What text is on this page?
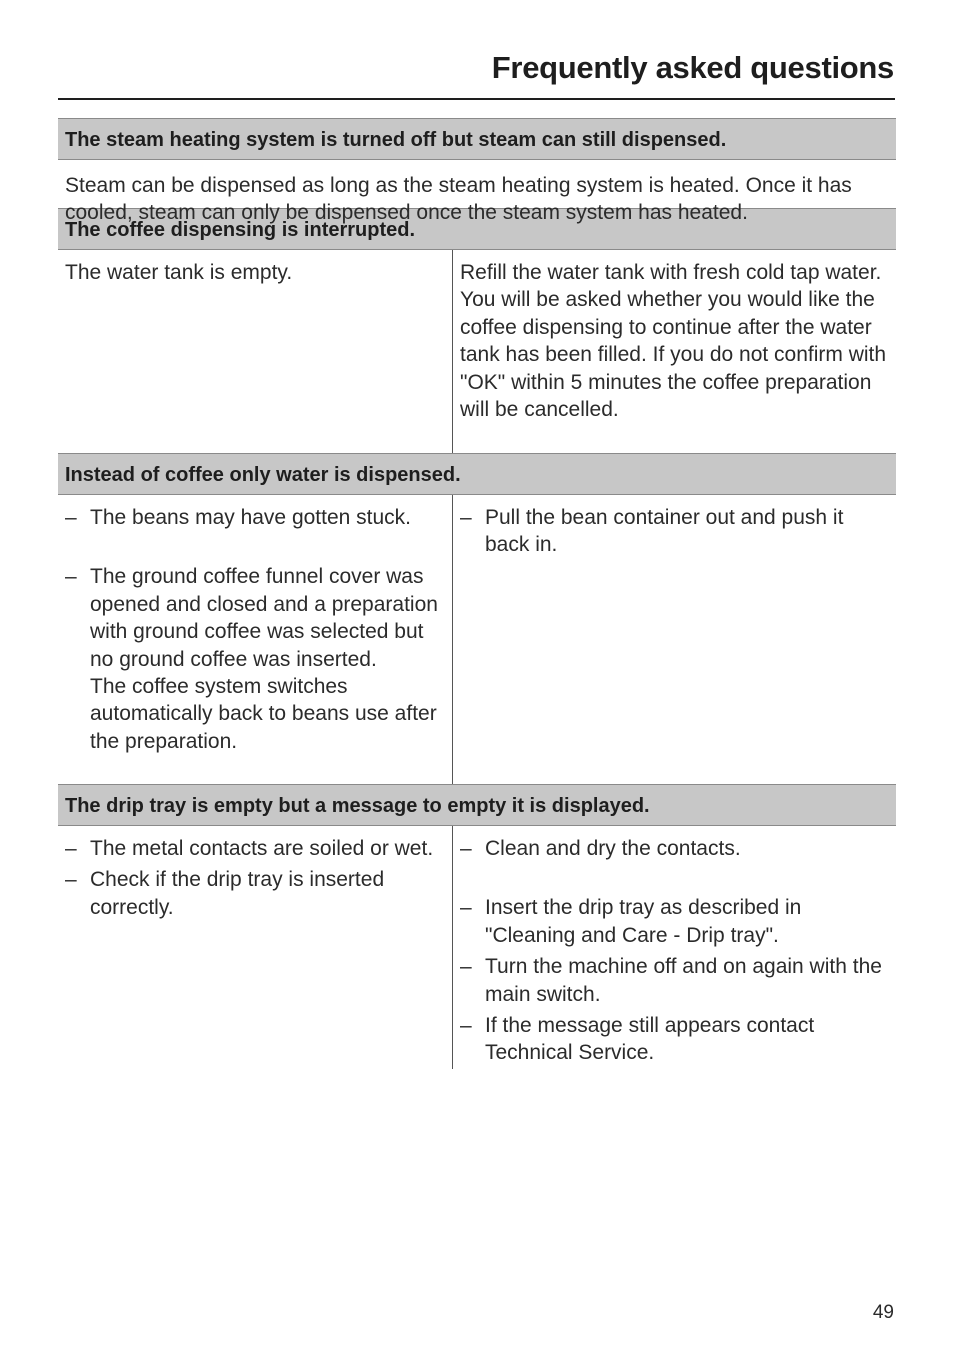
Frequently asked questions
The steam heating system is turned off but steam can still dispensed.
Steam can be dispensed as long as the steam heating system is heated. Once it has cooled, steam can only be dispensed once the steam system has heated.
The coffee dispensing is interrupted.
The water tank is empty.	Refill the water tank with fresh cold tap water.
You will be asked whether you would like the coffee dispensing to continue after the water tank has been filled. If you do not confirm with "OK" within 5 minutes the coffee preparation will be cancelled.
Instead of coffee only water is dispensed.
– The beans may have gotten stuck.
– The ground coffee funnel cover was opened and closed and a preparation with ground coffee was selected but no ground coffee was inserted.
The coffee system switches automatically back to beans use after the preparation.
– Pull the bean container out and push it back in.
The drip tray is empty but a message to empty it is displayed.
– The metal contacts are soiled or wet.
– Check if the drip tray is inserted correctly.
– Clean and dry the contacts.
– Insert the drip tray as described in "Cleaning and Care - Drip tray".
– Turn the machine off and on again with the main switch.
– If the message still appears contact Technical Service.
49
